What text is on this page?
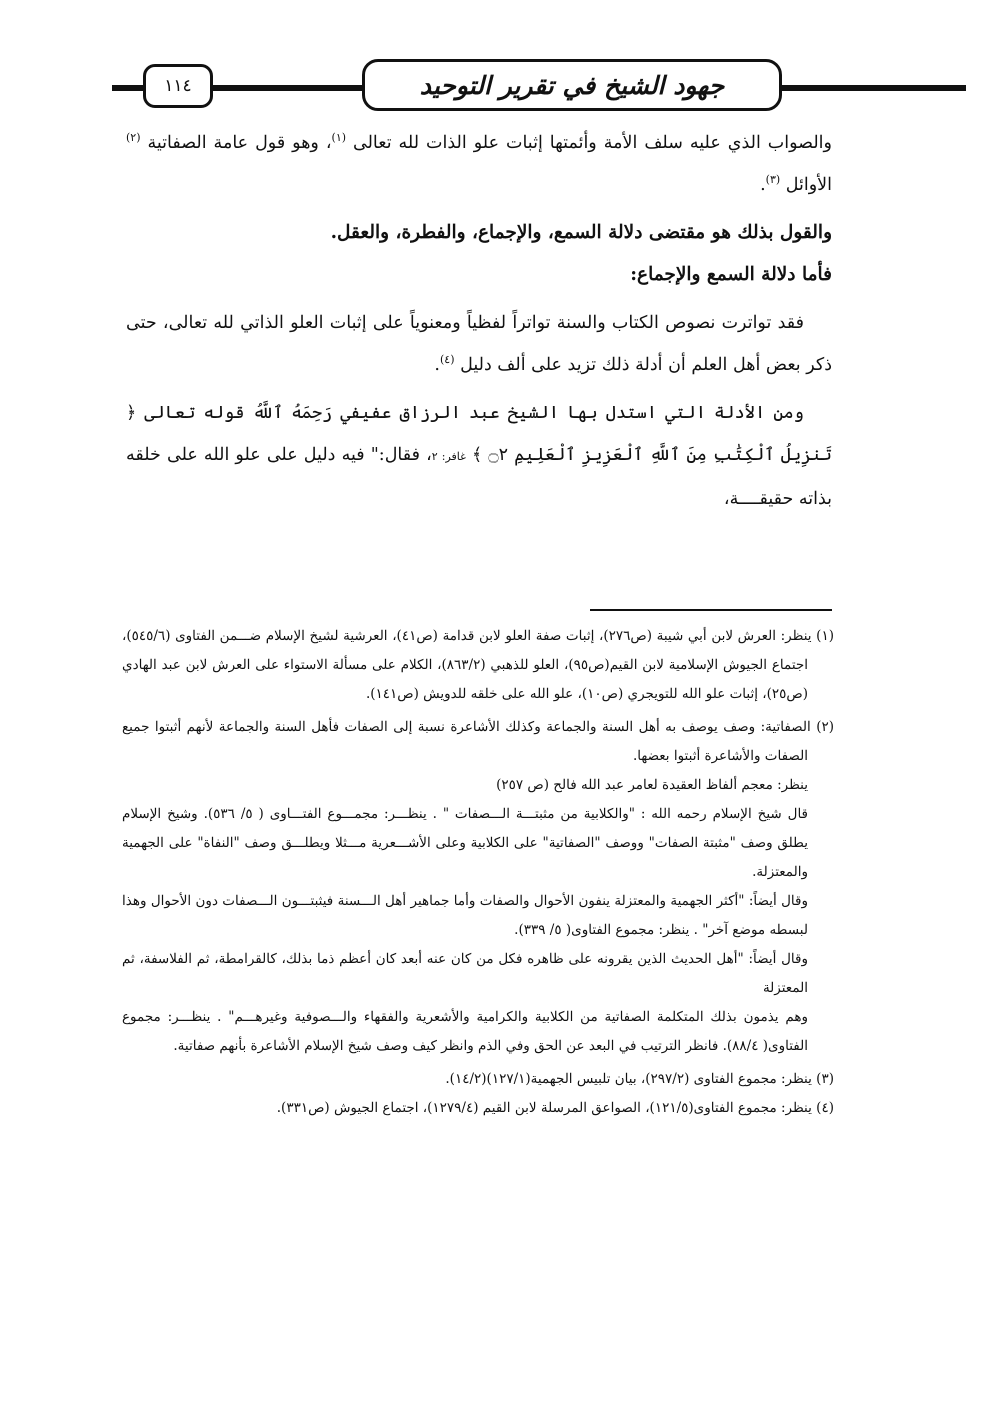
جهود الشيخ في تقرير التوحيد
١١٤

والصواب الذي عليه سلف الأمة وأئمتها إثبات علو الذات لله تعالى $^{(١)}$، وهو قول عامة الصفاتية $^{(٢)}$ الأوائل $^{(٣)}$.

والقول بذلك هو مقتضى دلالة السمع، والإجماع، والفطرة، والعقل.

فأما دلالة السمع والإجماع:

فقد تواترت نصوص الكتاب والسنة تواتراً لفظياً ومعنوياً على إثبات العلو الذاتي لله تعالى، حتى ذكر بعض أهل العلم أن أدلة ذلك تزيد على ألف دليل $^{(٤)}$.

ومن الأدلة التي استدل بها الشيخ عبد الرزاق عفيفي رَحِمَهُ ٱللَّهُ قوله تعالى ﴿ تَنزِيلُ ٱلْكِتَٰبِ مِنَ ٱللَّهِ ٱلْعَزِيزِ ٱلْعَلِيمِ ۝٢ ﴾ غافر: ٢، فقال:" فيه دليل على علو الله على خلقه بذاته حقيقــــة،

(١) ينظر: العرش لابن أبي شيبة (ص٢٧٦)، إثبات صفة العلو لابن قدامة (ص٤١)، العرشية لشيخ الإسلام ضـــمن الفتاوى (٥٤٥/٦)، اجتماع الجيوش الإسلامية لابن القيم(ص٩٥)، العلو للذهبي (٨٦٣/٢)، الكلام على مسألة الاستواء على العرش لابن عبد الهادي (ص٢٥)، إثبات علو الله للتويجري (ص١٠)، علو الله على خلقه للدويش (ص١٤١).

(٢) الصفاتية: وصف يوصف به أهل السنة والجماعة وكذلك الأشاعرة نسبة إلى الصفات فأهل السنة والجماعة لأنهم أثبتوا جميع الصفات والأشاعرة أثبتوا بعضها.

ينظر: معجم ألفاظ العقيدة لعامر عبد الله فالح (ص ٢٥٧)

قال شيخ الإسلام رحمه الله : "والكلابية من مثبتـــة الـــصفات " . ينظـــر: مجمـــوع الفتـــاوى ( ٥/ ٥٣٦). وشيخ الإسلام يطلق وصف "مثبتة الصفات" ووصف "الصفاتية" على الكلابية وعلى الأشـــعرية مـــثلا ويطلـــق وصف "النفاة" على الجهمية والمعتزلة.

وقال أيضاً: "أكثر الجهمية والمعتزلة ينفون الأحوال والصفات وأما جماهير أهل الـــسنة فيثبتـــون الـــصفات دون الأحوال وهذا لبسطه موضع آخر" . ينظر: مجموع الفتاوى( ٥/ ٣٣٩).

وقال أيضاً: "أهل الحديث الذين يقرونه على ظاهره فكل من كان عنه أبعد كان أعظم ذما بذلك، كالقرامطة، ثم الفلاسفة، ثم المعتزلة

وهم يذمون بذلك المتكلمة الصفاتية من الكلابية والكرامية والأشعرية والفقهاء والـــصوفية وغيرهـــم" . ينظـــر: مجموع الفتاوى( ٨٨/٤). فانظر الترتيب في البعد عن الحق وفي الذم وانظر كيف وصف شيخ الإسلام الأشاعرة بأنهم صفاتية.

(٣) ينظر: مجموع الفتاوى (٢٩٧/٢)، بيان تلبيس الجهمية(١٢٧/١)(١٤/٢).

(٤) ينظر: مجموع الفتاوى(١٢١/٥)، الصواعق المرسلة لابن القيم (١٢٧٩/٤)، اجتماع الجيوش (ص٣٣١).
